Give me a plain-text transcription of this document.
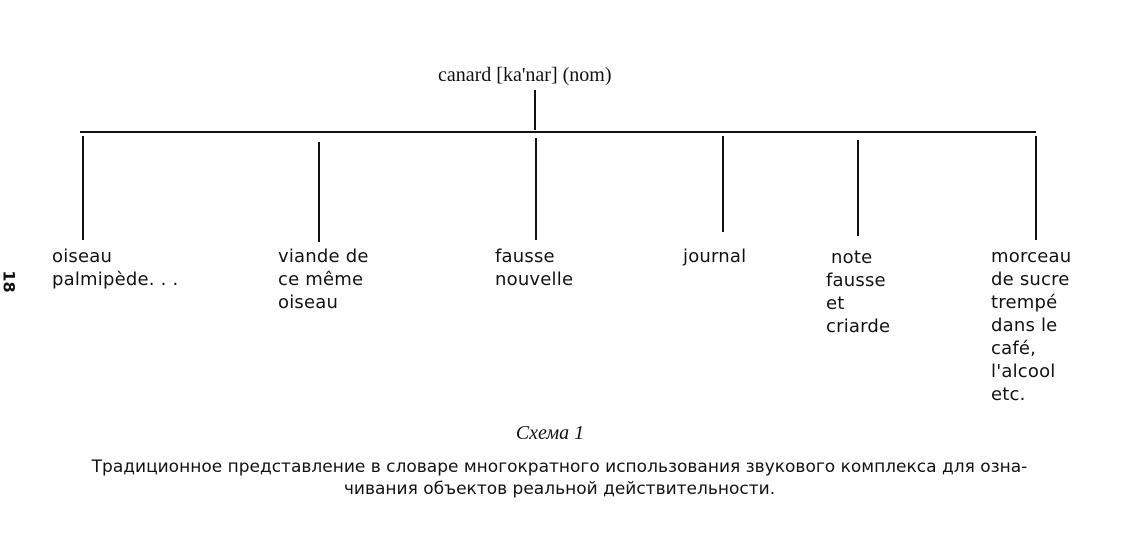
canard [ka'nar] (nom)
oiseau
palmipède. . .
viande de
ce même
oiseau
fausse
nouvelle
journal	note
fausse
et
criarde
morceau
de sucre
trempé
dans le
café,
l'alcool
etc.
18
Схема 1
Традиционное представление в словаре многократного использования звукового комплекса для озна-
чивания объектов реальной действительности.
